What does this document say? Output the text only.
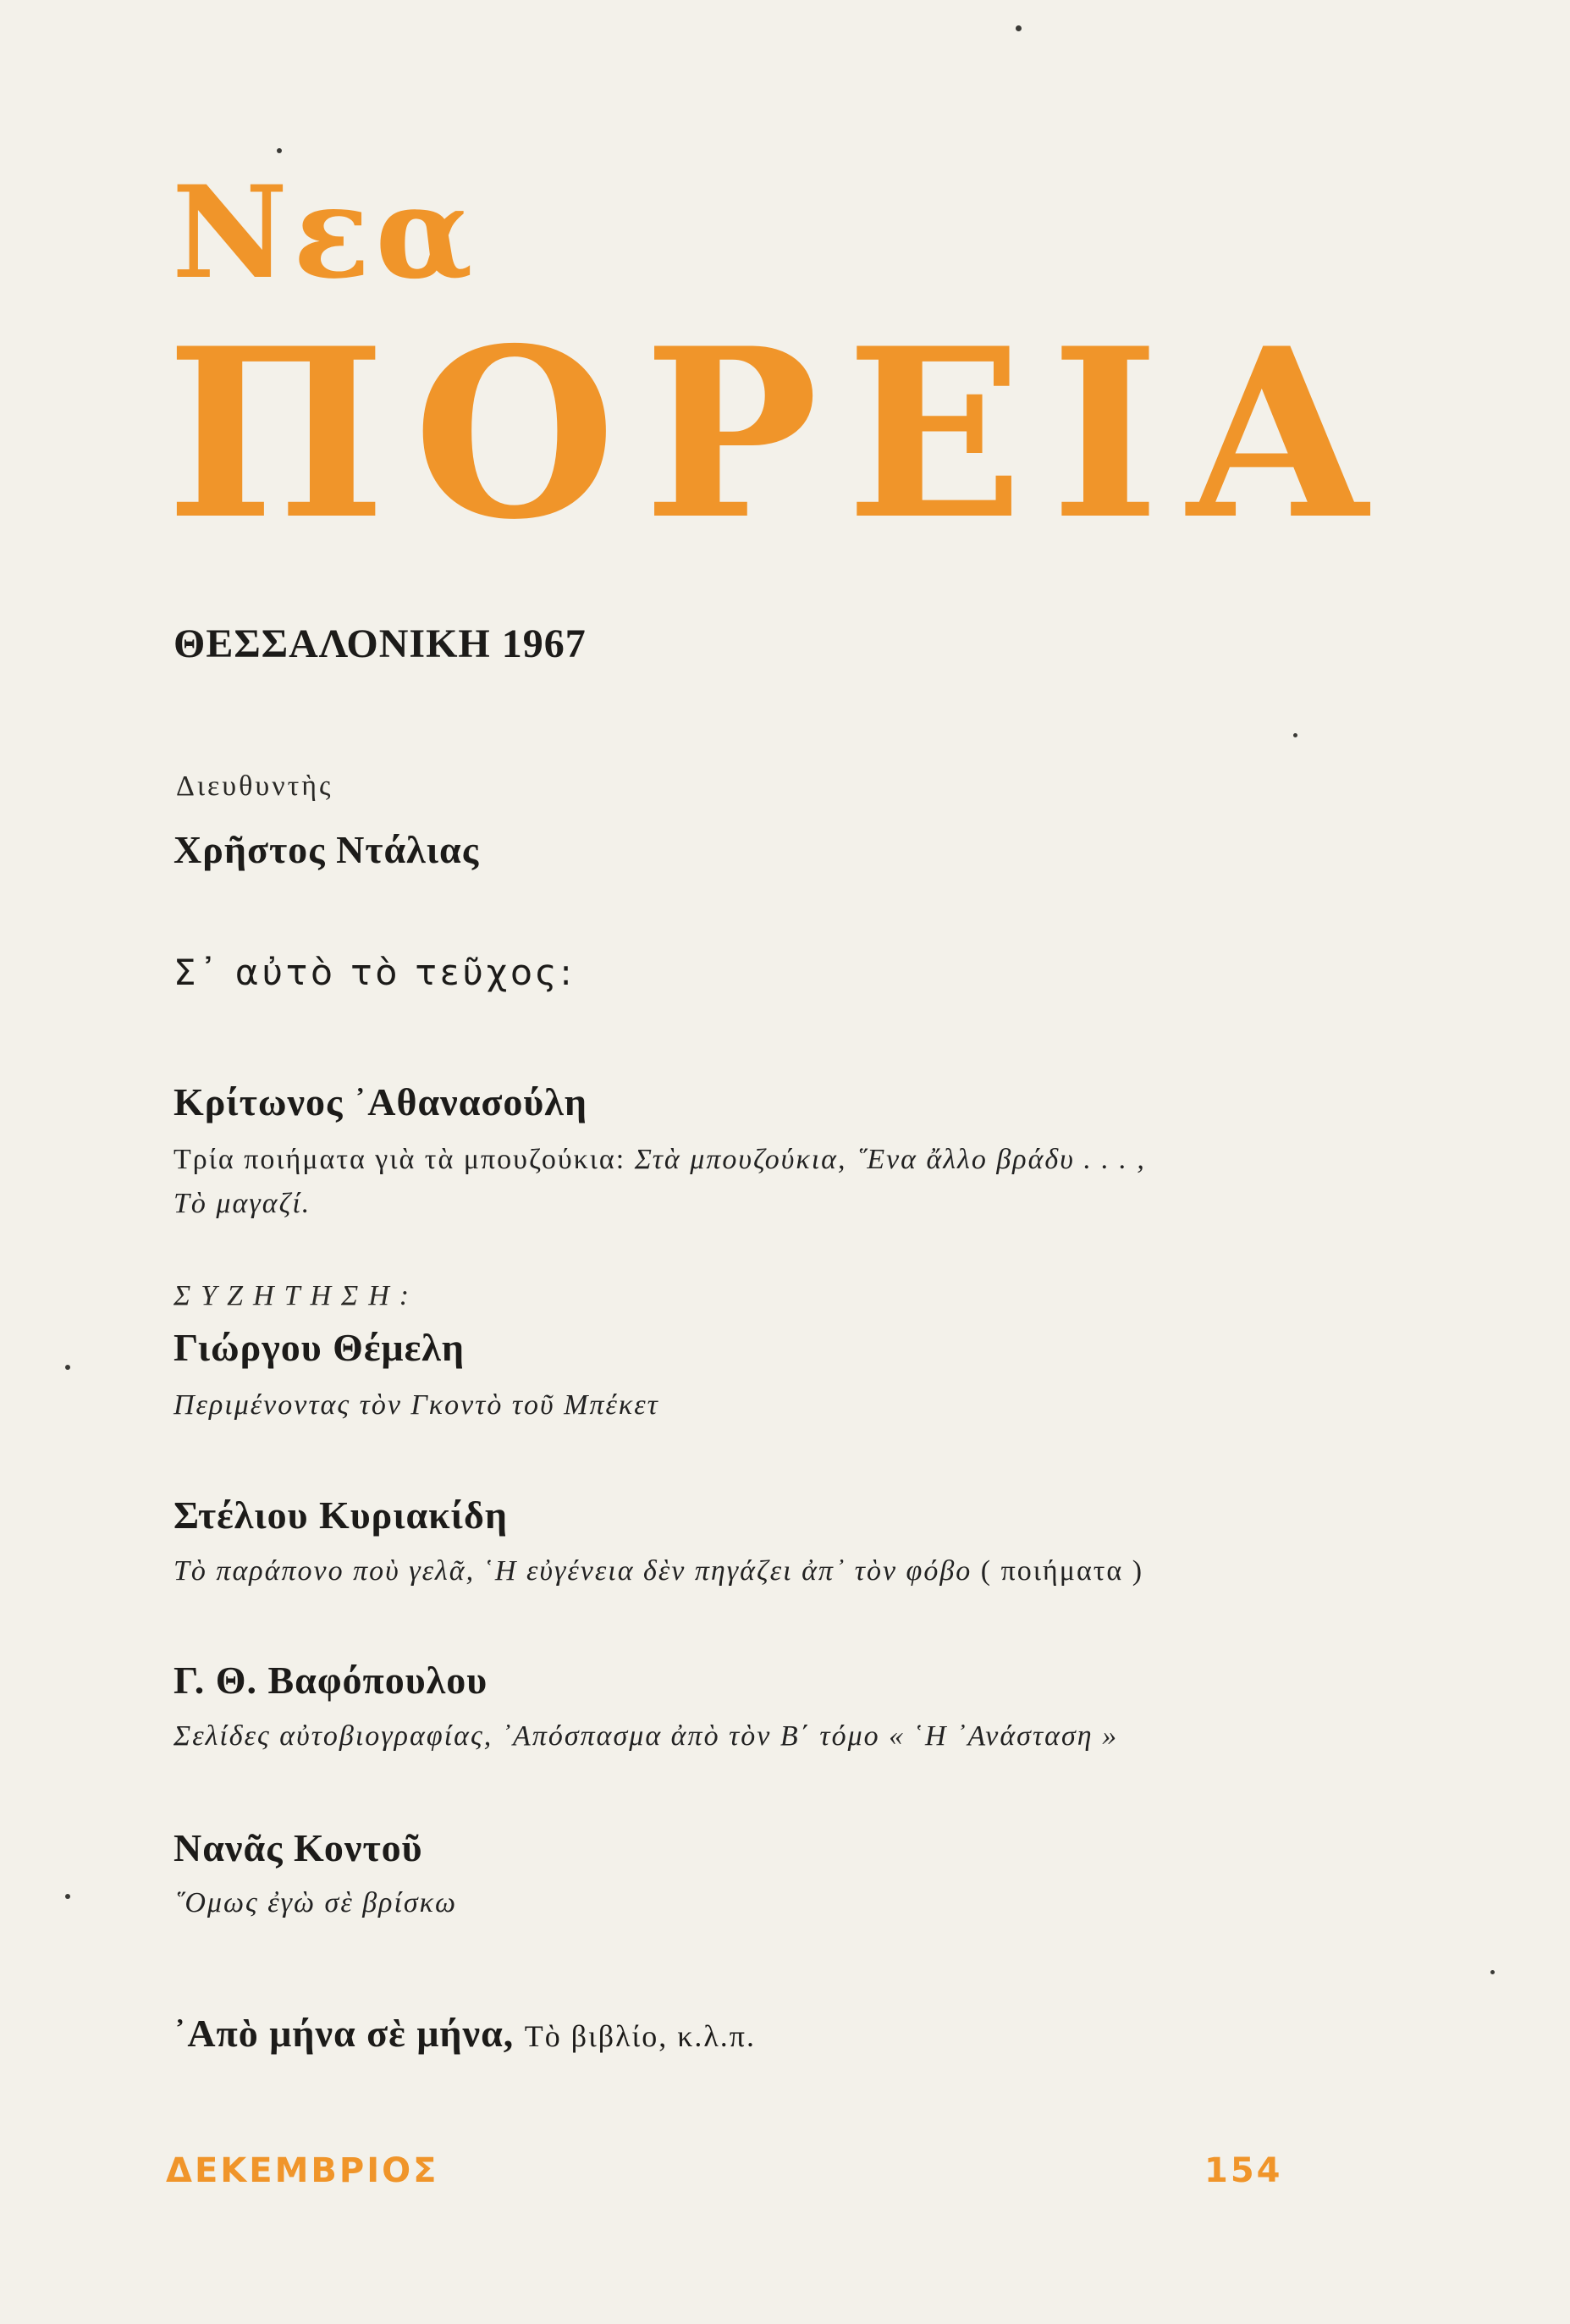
Νεα
Π Ο Ρ Ε Ι Α
ΘΕΣΣΑΛΟΝΙΚΗ 1967
Διευθυντὴς
Χρῆστος Ντάλιας
Σ᾽ αὐτὸ τὸ τεῦχος:
Κρίτωνος ᾿Αθανασούλη
Τρία ποιήματα γιὰ τὰ μπουζούκια: Στὰ μπουζούκια, ῞Ενα ἄλλο βράδυ . . . ,
Τὸ μαγαζί.
ΣΥΖΗΤΗΣΗ:
Γιώργου Θέμελη
Περιμένοντας τὸν Γκοντὸ τοῦ Μπέκετ
Στέλιου Κυριακίδη
Τὸ παράπονο ποὺ γελᾶ, ῾Η εὐγένεια δὲν πηγάζει ἀπ᾽ τὸν φόβο ( ποιήματα )
Γ. Θ. Βαφόπουλου
Σελίδες αὐτοβιογραφίας, ᾿Απόσπασμα ἀπὸ τὸν Β΄ τόμο « ῾Η ᾿Ανάσταση »
Νανᾶς Κοντοῦ
῞Ομως ἐγὼ σὲ βρίσκω
᾿Απὸ μήνα σὲ μήνα, Τὸ βιβλίο, κ.λ.π.
ΔΕΚΕΜΒΡΙΟΣ	154
